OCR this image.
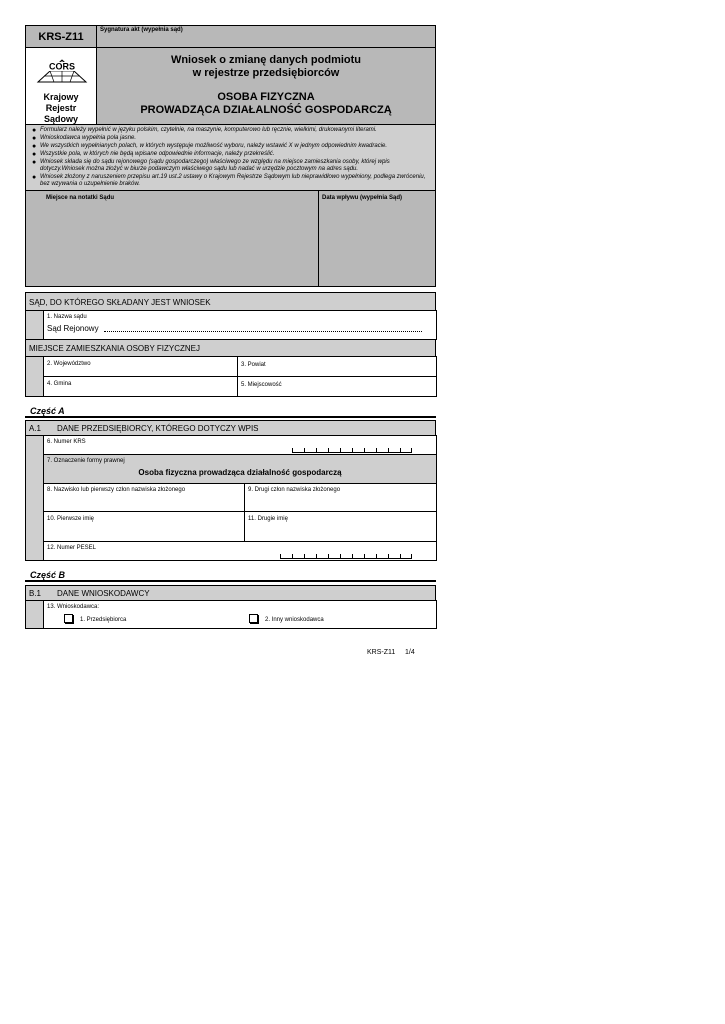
KRS-Z11
Sygnatura akt (wypełnia sąd)
CORS
Krajowy Rejestr Sądowy
Wniosek o zmianę danych podmiotu
w rejestrze przedsiębiorców
OSOBA FIZYCZNA
PROWADZĄCA DZIAŁALNOŚĆ GOSPODARCZĄ
● Formularz należy wypełnić w języku polskim, czytelnie, na maszynie, komputerowo lub ręcznie, wielkimi, drukowanymi literami.
● Wnioskodawca wypełnia pola jasne.
● We wszystkich wypełnianych polach, w których występuje możliwość wyboru, należy wstawić X w jednym odpowiednim kwadracie.
● Wszystkie pola, w których nie będą wpisane odpowiednie informacje, należy przekreślić.
● Wniosek składa się do sądu rejonowego (sądu gospodarczego) właściwego ze względu na miejsce zamieszkania osoby, której wpis dotyczy.Wniosek można złożyć w biurze podawczym właściwego sądu lub nadać w urzędzie pocztowym na adres sądu.
● Wniosek złożony z naruszeniem przepisu art.19 ust.2 ustawy o Krajowym Rejestrze Sądowym lub nieprawidłowo wypełniony, podlega zwróceniu, bez wzywania o uzupełnienie braków.
Miejsce na notatki Sądu	Data wpływu (wypełnia Sąd)
SĄD, DO KTÓREGO SKŁADANY JEST WNIOSEK
1. Nazwa sądu
Sąd Rejonowy
MIEJSCE ZAMIESZKANIA OSOBY FIZYCZNEJ
2. Województwo	3. Powiat
4. Gmina	5. Miejscowość
Część A
A.1 DANE PRZEDSIĘBIORCY, KTÓREGO DOTYCZY WPIS
6. Numer KRS
7. Oznaczenie formy prawnej
Osoba fizyczna prowadząca działalność gospodarczą
8. Nazwisko lub pierwszy człon nazwiska złożonego	9. Drugi człon nazwiska złożonego
10. Pierwsze imię	11. Drugie imię
12. Numer PESEL
Część B
B.1 DANE WNIOSKODAWCY
13. Wnioskodawca:
1. Przedsiębiorca	2. Inny wnioskodawca
KRS-Z11 1/4
